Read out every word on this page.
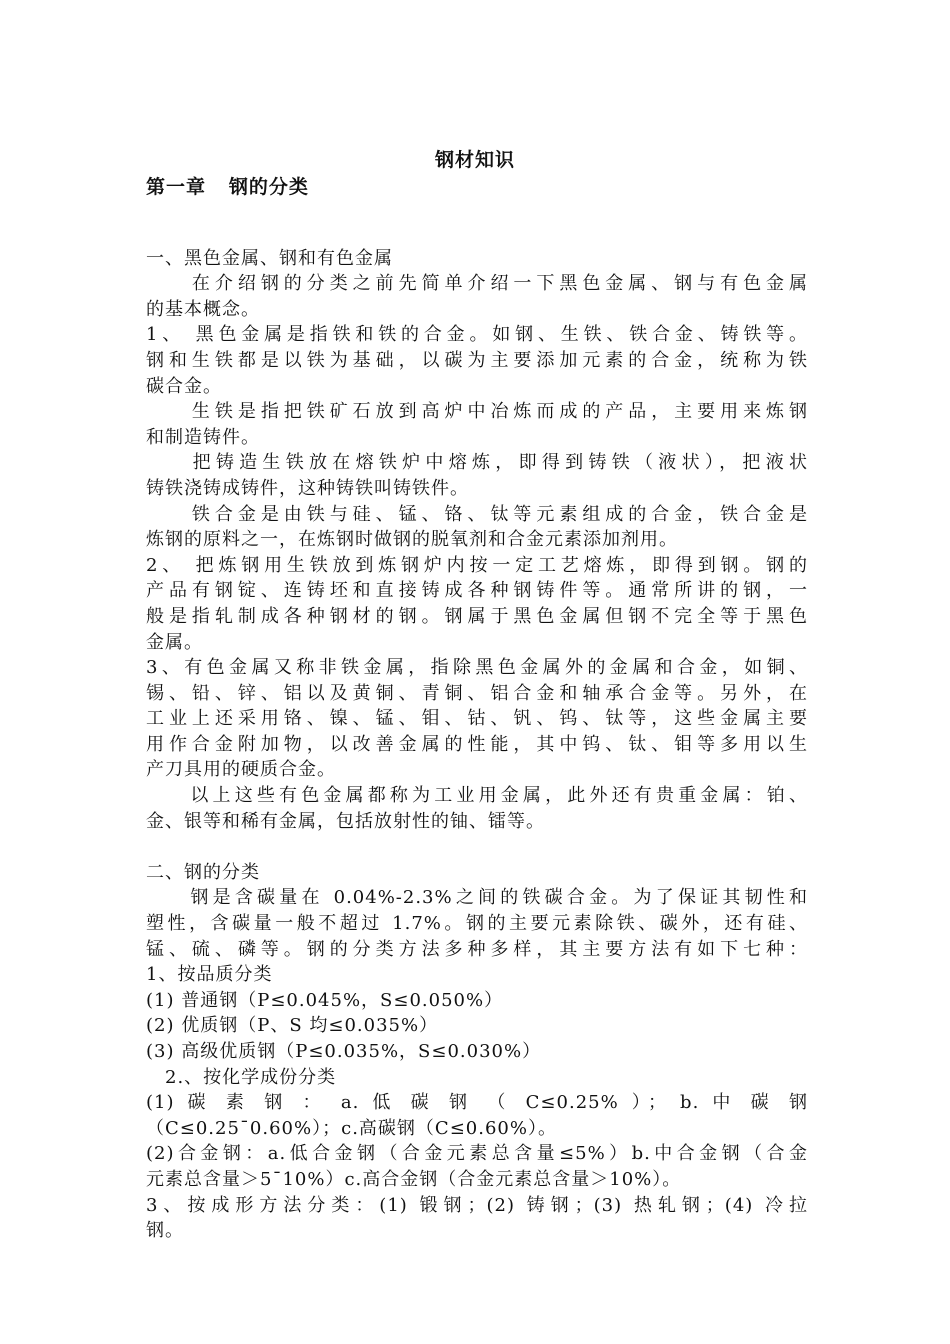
钢材知识
第一章   钢的分类
一、黑色金属、钢和有色金属
　　在介绍钢的分类之前先简单介绍一下黑色金属、钢与有色金属
的基本概念。
1、 黑色金属是指铁和铁的合金。如钢、生铁、铁合金、铸铁等。
钢和生铁都是以铁为基础，以碳为主要添加元素的合金，统称为铁
碳合金。
　　生铁是指把铁矿石放到高炉中冶炼而成的产品，主要用来炼钢
和制造铸件。
　　把铸造生铁放在熔铁炉中熔炼，即得到铸铁（液状），把液状
铸铁浇铸成铸件，这种铸铁叫铸铁件。
　　铁合金是由铁与硅、锰、铬、钛等元素组成的合金，铁合金是
炼钢的原料之一，在炼钢时做钢的脱氧剂和合金元素添加剂用。
2、 把炼钢用生铁放到炼钢炉内按一定工艺熔炼，即得到钢。钢的
产品有钢锭、连铸坯和直接铸成各种钢铸件等。通常所讲的钢，一
般是指轧制成各种钢材的钢。钢属于黑色金属但钢不完全等于黑色
金属。
3、有色金属又称非铁金属，指除黑色金属外的金属和合金，如铜、
锡、铅、锌、铝以及黄铜、青铜、铝合金和轴承合金等。另外，在
工业上还采用铬、镍、锰、钼、钴、钒、钨、钛等，这些金属主要
用作合金附加物，以改善金属的性能，其中钨、钛、钼等多用以生
产刀具用的硬质合金。
　　以上这些有色金属都称为工业用金属，此外还有贵重金属：铂、
金、银等和稀有金属，包括放射性的铀、镭等。
二、钢的分类
　　钢是含碳量在 0.04%-2.3%之间的铁碳合金。为了保证其韧性和
塑性，含碳量一般不超过 1.7%。钢的主要元素除铁、碳外，还有硅、
锰、硫、磷等。钢的分类方法多种多样，其主要方法有如下七种：
1、按品质分类
(1) 普通钢（P≤0.045%，S≤0.050%）
(2) 优质钢（P、S 均≤0.035%）
(3) 高级优质钢（P≤0.035%，S≤0.030%）
　2.、按化学成份分类
(1) 碳 素 钢 ： a. 低 碳 钢 （ C≤0.25% ）； b. 中 碳 钢
（C≤0.25¯0.60%）；c.高碳钢（C≤0.60%）。
(2)合金钢：a.低合金钢（合金元素总含量≤5%）b.中合金钢（合金
元素总含量＞5¯10%）c.高合金钢（合金元素总含量＞10%）。
3、按成形方法分类：(1) 锻钢；(2) 铸钢；(3) 热轧钢；(4) 冷拉
钢。
